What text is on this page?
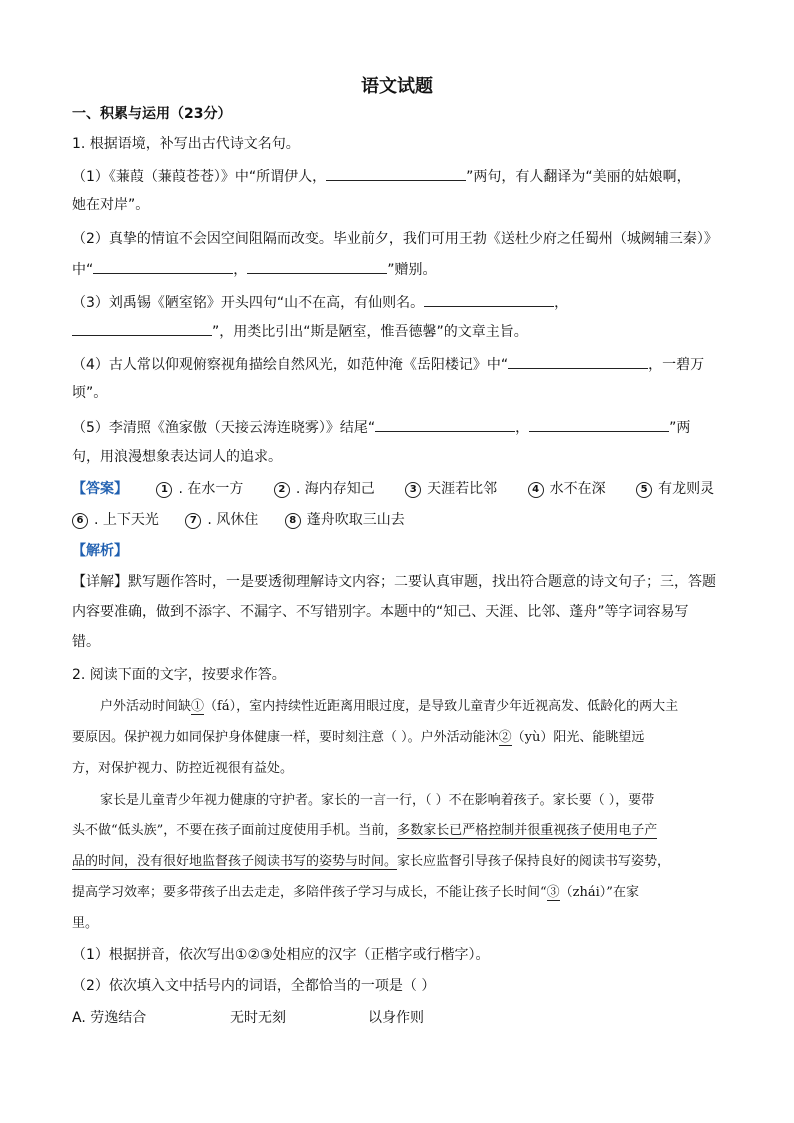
语文试题
一、积累与运用（23分）
1. 根据语境，补写出古代诗文名句。
（1）《蒹葭（蒹葭苍苍）》中“所谓伊人，	”两句，有人翻译为“美丽的姑娘啊，
她在对岸”。
（2）真挚的情谊不会因空间阻隔而改变。毕业前夕，我们可用王勃《送杜少府之任蜀州（城阙辅三秦）》
中“	，	”赠别。
（3）刘禹锡《陋室铭》开头四句“山不在高，有仙则名。	，
”，用类比引出“斯是陋室，惟吾德馨”的文章主旨。
（4）古人常以仰观俯察视角描绘自然风光，如范仲淹《岳阳楼记》中“	，一碧万
顷”。
（5）李清照《渔家傲（天接云涛连晓雾）》结尾“	，	”两
句，用浪漫想象表达词人的追求。
【答案】	1 . 在水一方	2 . 海内存知己	3 天涯若比邻	4 水不在深	5 有龙则灵
6 . 上下天光	7 . 风休住	8 蓬舟吹取三山去
【解析】
【详解】默写题作答时，一是要透彻理解诗文内容；二要认真审题，找出符合题意的诗文句子；三，答题
内容要准确，做到不添字、不漏字、不写错别字。本题中的“知己、天涯、比邻、蓬舟”等字词容易写
错。
2. 阅读下面的文字，按要求作答。
户外活动时间缺①（fá），室内持续性近距离用眼过度，是导致儿童青少年近视高发、低龄化的两大主
要原因。保护视力如同保护身体健康一样，要时刻注意（ ）。户外活动能沐②（yù）阳光、能眺望远
方，对保护视力、防控近视很有益处。
家长是儿童青少年视力健康的守护者。家长的一言一行，（ ）不在影响着孩子。家长要（ ），要带
头不做“低头族”，不要在孩子面前过度使用手机。当前，多数家长已严格控制并很重视孩子使用电子产
品的时间，没有很好地监督孩子阅读书写的姿势与时间。家长应监督引导孩子保持良好的阅读书写姿势，
提高学习效率；要多带孩子出去走走，多陪伴孩子学习与成长，不能让孩子长时间“③（zhái）”在家
里。
（1）根据拼音，依次写出①②③处相应的汉字（正楷字或行楷字）。
（2）依次填入文中括号内的词语，全都恰当的一项是（ ）
A. 劳逸结合	无时无刻	以身作则
